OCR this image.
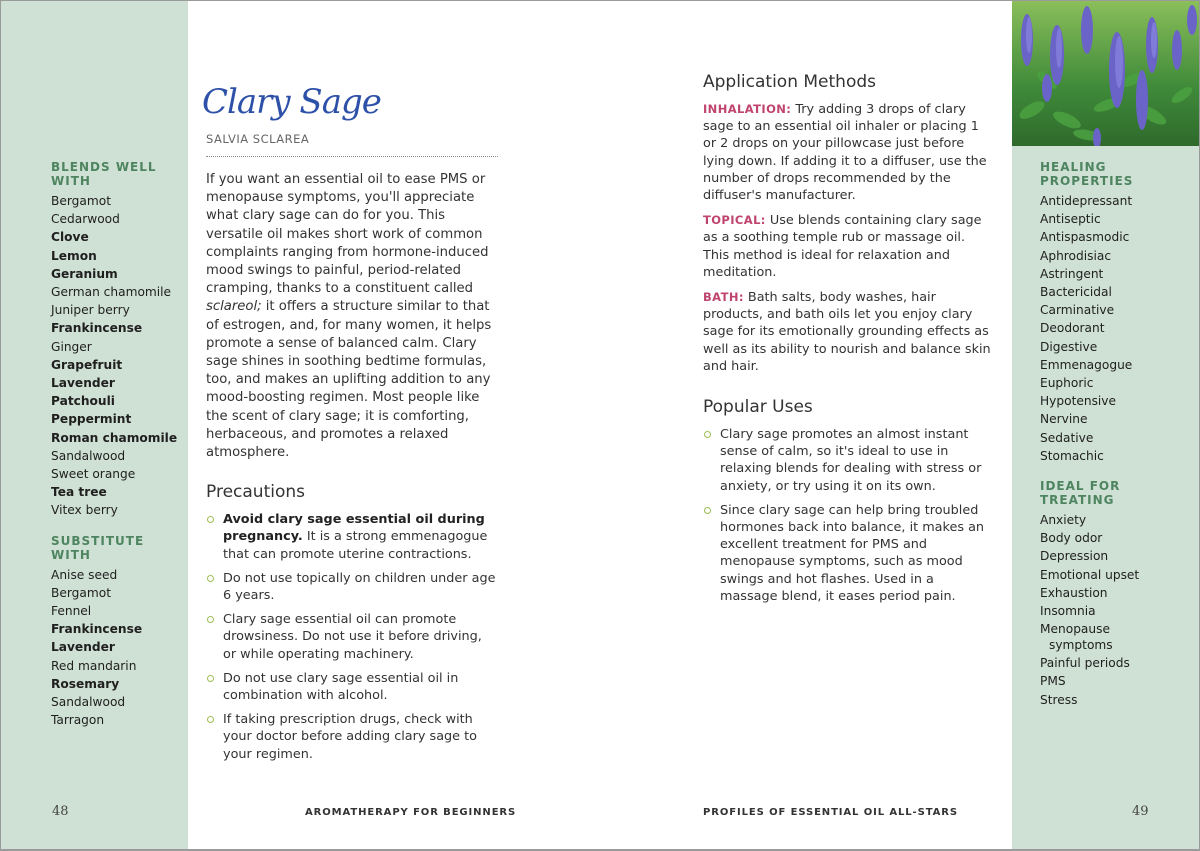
BLENDS WELL WITH
Bergamot
Cedarwood
Clove
Lemon
Geranium
German chamomile
Juniper berry
Frankincense
Ginger
Grapefruit
Lavender
Patchouli
Peppermint
Roman chamomile
Sandalwood
Sweet orange
Tea tree
Vitex berry
SUBSTITUTE WITH
Anise seed
Bergamot
Fennel
Frankincense
Lavender
Red mandarin
Rosemary
Sandalwood
Tarragon
48
Clary Sage
SALVIA SCLAREA
If you want an essential oil to ease PMS or menopause symptoms, you'll appreciate what clary sage can do for you. This versatile oil makes short work of common complaints ranging from hormone-induced mood swings to painful, period-related cramping, thanks to a constituent called sclareol; it offers a structure similar to that of estrogen, and, for many women, it helps promote a sense of balanced calm. Clary sage shines in soothing bedtime formulas, too, and makes an uplifting addition to any mood-boosting regimen. Most people like the scent of clary sage; it is comforting, herbaceous, and promotes a relaxed atmosphere.
Precautions
Avoid clary sage essential oil during pregnancy. It is a strong emmenagogue that can promote uterine contractions.
Do not use topically on children under age 6 years.
Clary sage essential oil can promote drowsiness. Do not use it before driving, or while operating machinery.
Do not use clary sage essential oil in combination with alcohol.
If taking prescription drugs, check with your doctor before adding clary sage to your regimen.
AROMATHERAPY FOR BEGINNERS
Application Methods
INHALATION: Try adding 3 drops of clary sage to an essential oil inhaler or placing 1 or 2 drops on your pillowcase just before lying down. If adding it to a diffuser, use the number of drops recommended by the diffuser's manufacturer.
TOPICAL: Use blends containing clary sage as a soothing temple rub or massage oil. This method is ideal for relaxation and meditation.
BATH: Bath salts, body washes, hair products, and bath oils let you enjoy clary sage for its emotionally grounding effects as well as its ability to nourish and balance skin and hair.
Popular Uses
Clary sage promotes an almost instant sense of calm, so it's ideal to use in relaxing blends for dealing with stress or anxiety, or try using it on its own.
Since clary sage can help bring troubled hormones back into balance, it makes an excellent treatment for PMS and menopause symptoms, such as mood swings and hot flashes. Used in a massage blend, it eases period pain.
PROFILES OF ESSENTIAL OIL ALL-STARS
HEALING PROPERTIES
Antidepressant
Antiseptic
Antispasmodic
Aphrodisiac
Astringent
Bactericidal
Carminative
Deodorant
Digestive
Emmenagogue
Euphoric
Hypotensive
Nervine
Sedative
Stomachic
IDEAL FOR TREATING
Anxiety
Body odor
Depression
Emotional upset
Exhaustion
Insomnia
Menopause
symptoms
Painful periods
PMS
Stress
49
